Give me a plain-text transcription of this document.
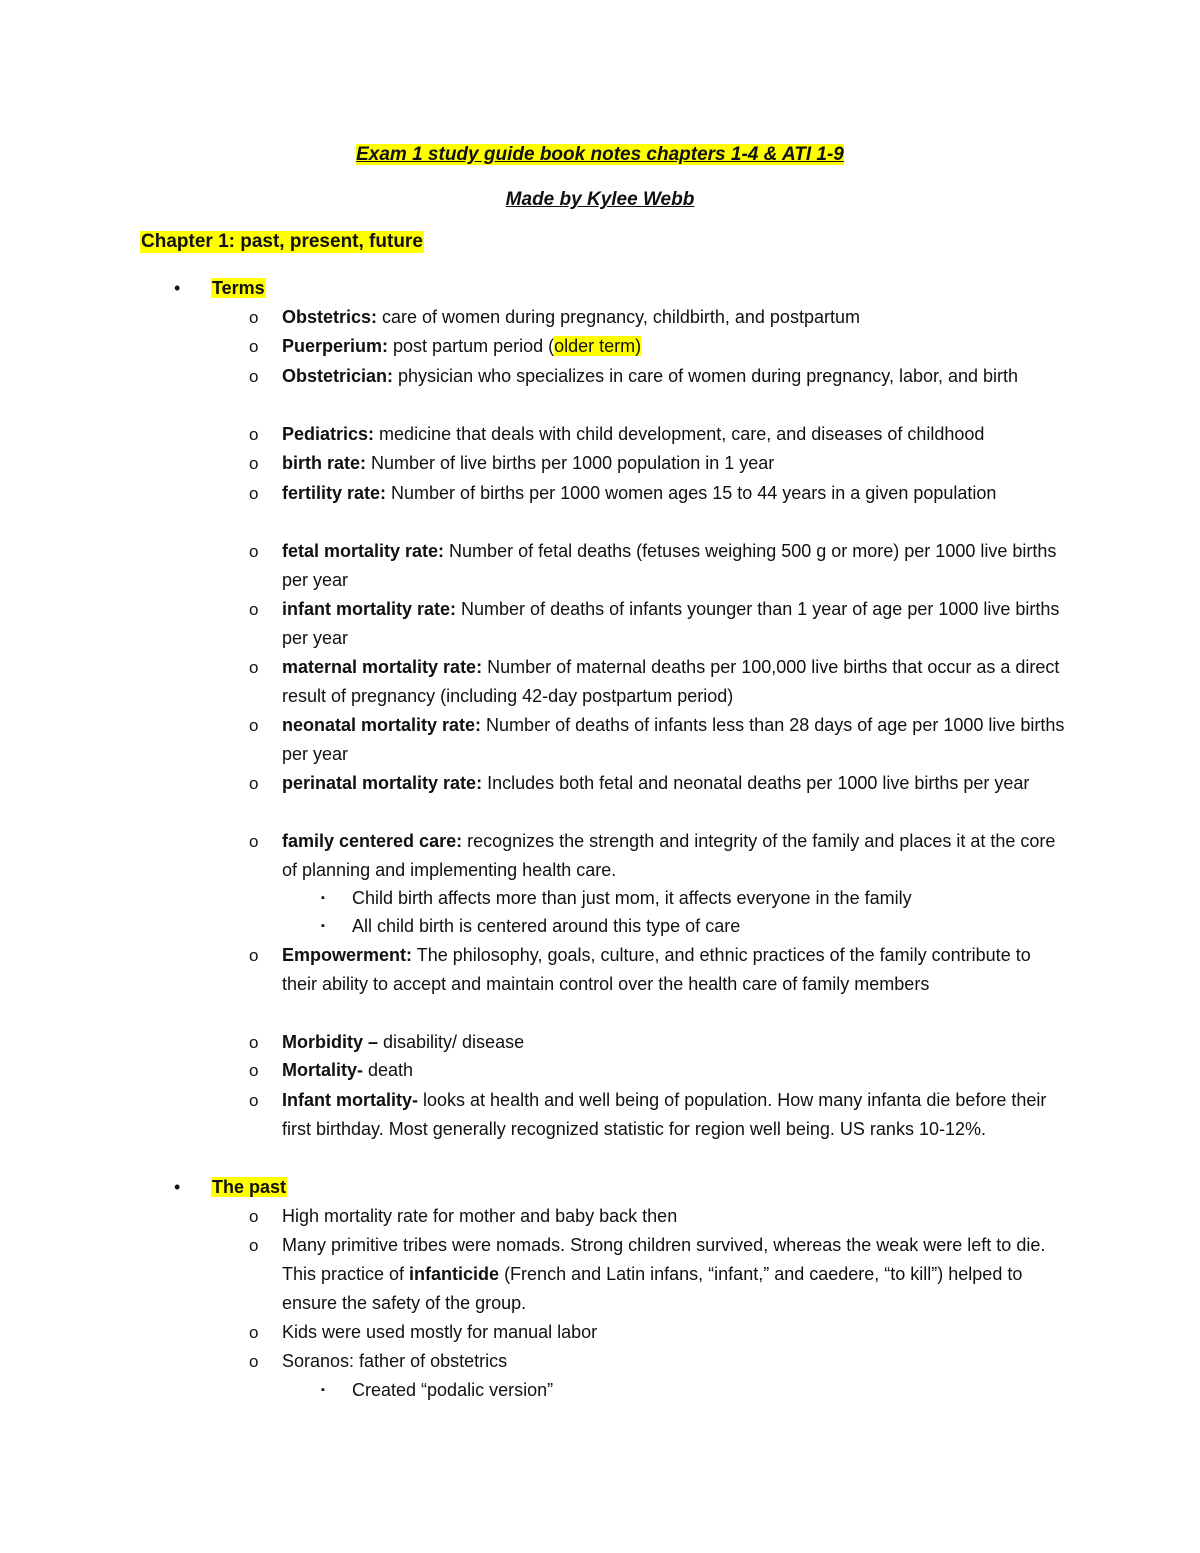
Exam 1 study guide book notes chapters 1-4 & ATI 1-9
Made by Kylee Webb
Chapter 1: past, present, future
• Terms
o Obstetrics: care of women during pregnancy, childbirth, and postpartum
o Puerperium: post partum period (older term)
o Obstetrician: physician who specializes in care of women during pregnancy, labor, and birth
o Pediatrics: medicine that deals with child development, care, and diseases of childhood
o birth rate: Number of live births per 1000 population in 1 year
o fertility rate: Number of births per 1000 women ages 15 to 44 years in a given population
o fetal mortality rate: Number of fetal deaths (fetuses weighing 500 g or more) per 1000 live births per year
o infant mortality rate: Number of deaths of infants younger than 1 year of age per 1000 live births per year
o maternal mortality rate: Number of maternal deaths per 100,000 live births that occur as a direct result of pregnancy (including 42-day postpartum period)
o neonatal mortality rate: Number of deaths of infants less than 28 days of age per 1000 live births per year
o perinatal mortality rate: Includes both fetal and neonatal deaths per 1000 live births per year
o family centered care: recognizes the strength and integrity of the family and places it at the core of planning and implementing health care.
▪ Child birth affects more than just mom, it affects everyone in the family
▪ All child birth is centered around this type of care
o Empowerment: The philosophy, goals, culture, and ethnic practices of the family contribute to their ability to accept and maintain control over the health care of family members
o Morbidity – disability/ disease
o Mortality- death
o Infant mortality- looks at health and well being of population. How many infanta die before their first birthday. Most generally recognized statistic for region well being. US ranks 10-12%.
• The past
o High mortality rate for mother and baby back then
o Many primitive tribes were nomads. Strong children survived, whereas the weak were left to die. This practice of infanticide (French and Latin infans, “infant,” and caedere, “to kill”) helped to ensure the safety of the group.
o Kids were used mostly for manual labor
o Soranos: father of obstetrics
▪ Created “podalic version”
